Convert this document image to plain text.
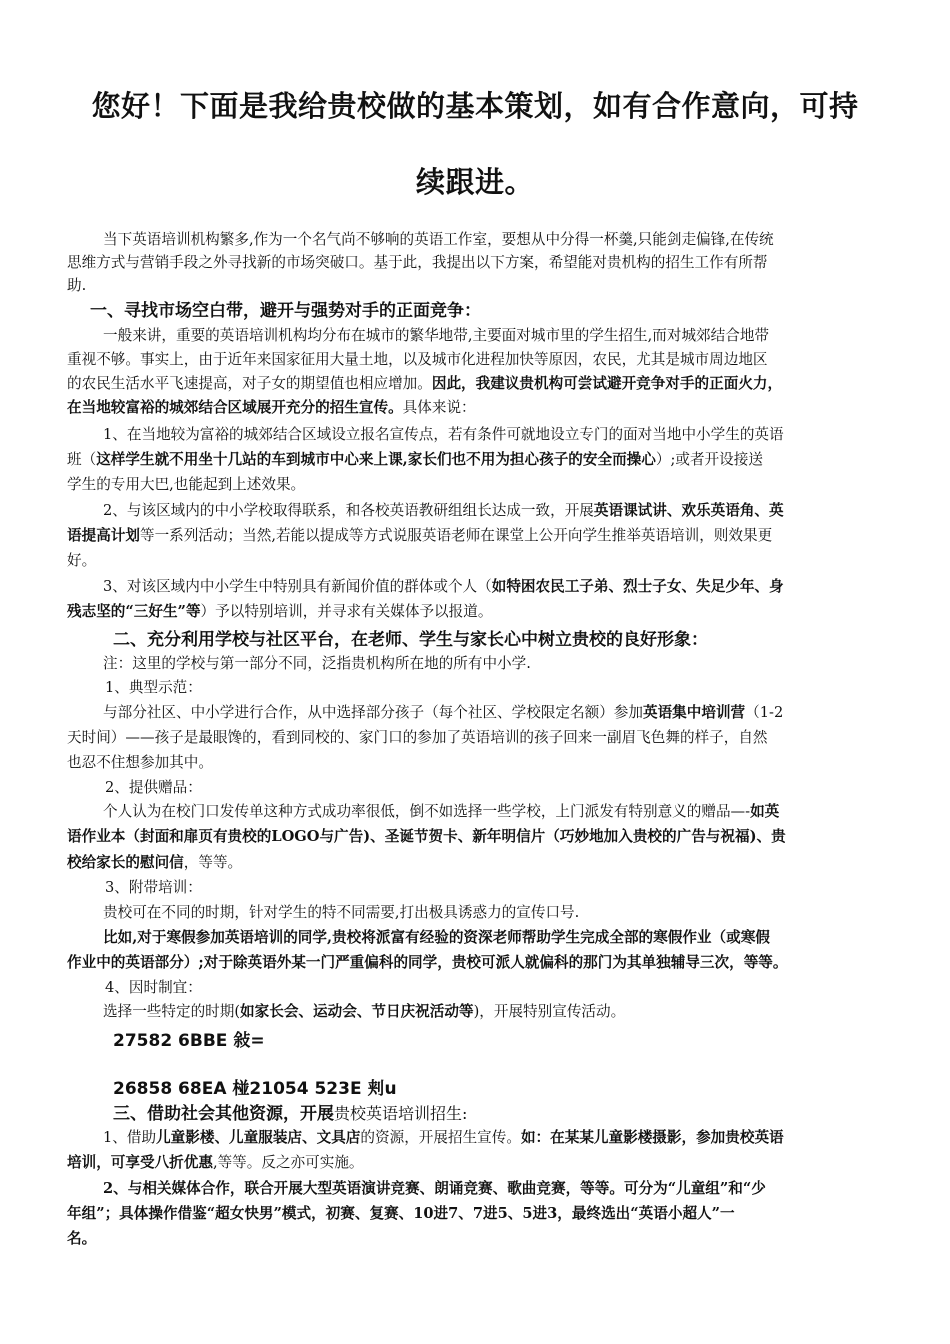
您好！下面是我给贵校做的基本策划，如有合作意向，可持
续跟进。
当下英语培训机构繁多,作为一个名气尚不够响的英语工作室，要想从中分得一杯羹,只能剑走偏锋,在传统
思维方式与营销手段之外寻找新的市场突破口。基于此，我提出以下方案，希望能对贵机构的招生工作有所帮
助.
一、寻找市场空白带，避开与强势对手的正面竞争：
一般来讲，重要的英语培训机构均分布在城市的繁华地带,主要面对城市里的学生招生,而对城郊结合地带
重视不够。事实上，由于近年来国家征用大量土地，以及城市化进程加快等原因，农民，尤其是城市周边地区
的农民生活水平飞速提高，对子女的期望值也相应增加。因此，我建议贵机构可尝试避开竞争对手的正面火力，
在当地较富裕的城郊结合区域展开充分的招生宣传。具体来说：
1、在当地较为富裕的城郊结合区域设立报名宣传点，若有条件可就地设立专门的面对当地中小学生的英语
班（这样学生就不用坐十几站的车到城市中心来上课,家长们也不用为担心孩子的安全而操心）;或者开设接送
学生的专用大巴,也能起到上述效果。
2、与该区域内的中小学校取得联系，和各校英语教研组组长达成一致，开展英语课试讲、欢乐英语角、英
语提高计划等一系列活动；当然,若能以提成等方式说服英语老师在课堂上公开向学生推举英语培训，则效果更
好。
3、对该区域内中小学生中特别具有新闻价值的群体或个人（如特困农民工子弟、烈士子女、失足少年、身
残志坚的“三好生”等）予以特别培训，并寻求有关媒体予以报道。
二、充分利用学校与社区平台，在老师、学生与家长心中树立贵校的良好形象：
注：这里的学校与第一部分不同，泛指贵机构所在地的所有中小学.
1、典型示范：
与部分社区、中小学进行合作，从中选择部分孩子（每个社区、学校限定名额）参加英语集中培训营（1-2
天时间）——孩子是最眼馋的，看到同校的、家门口的参加了英语培训的孩子回来一副眉飞色舞的样子，自然
也忍不住想参加其中。
2、提供赠品：
个人认为在校门口发传单这种方式成功率很低，倒不如选择一些学校，上门派发有特别意义的赠品—-如英
语作业本（封面和扉页有贵校的LOGO与广告)、圣诞节贺卡、新年明信片（巧妙地加入贵校的广告与祝福)、贵
校给家长的慰问信，等等。
3、附带培训：
贵校可在不同的时期，针对学生的特不同需要,打出极具诱惑力的宣传口号.
比如,对于寒假参加英语培训的同学,贵校将派富有经验的资深老师帮助学生完成全部的寒假作业（或寒假
作业中的英语部分）;对于除英语外某一门严重偏科的同学，贵校可派人就偏科的那门为其单独辅导三次，等等。
4、因时制宜：
选择一些特定的时期(如家长会、运动会、节日庆祝活动等)，开展特别宣传活动。
27582 6BBE 敍=
26858 68EA 椪21054 523E 刾u
三、借助社会其他资源，开展贵校英语培训招生:
1、借助儿童影楼、儿童服装店、文具店的资源，开展招生宣传。如：在某某儿童影楼摄影，参加贵校英语
培训，可享受八折优惠,等等。反之亦可实施。
2、与相关媒体合作，联合开展大型英语演讲竞赛、朗诵竞赛、歌曲竞赛，等等。可分为“儿童组”和“少
年组”；具体操作借鉴“超女快男”模式，初赛、复赛、10进7、7进5、5进3，最终选出“英语小超人”一
名。
